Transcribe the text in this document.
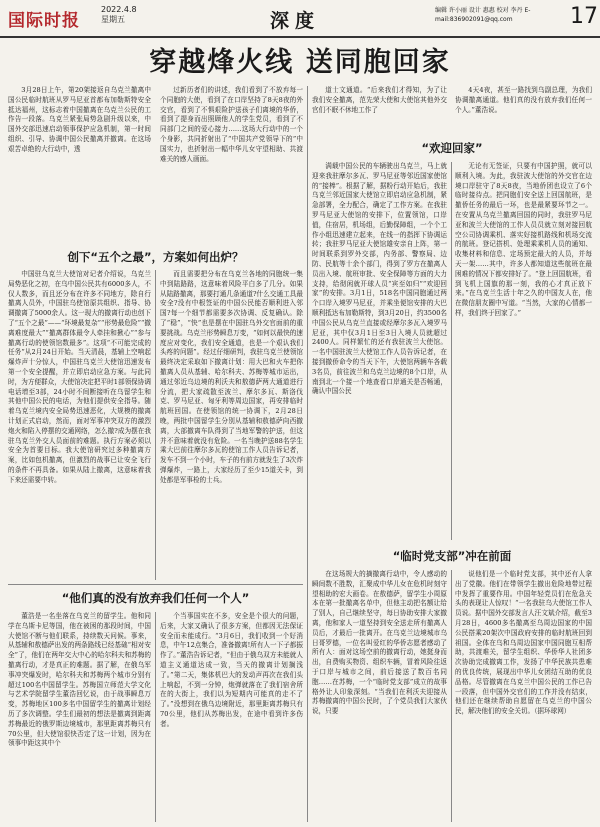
国际时报
2022.4.8
星期五	深度	编辑 许小丽 设计 惠惠 校对 李丹 E-mail:836902091@qq.com	17
穿越烽火线 送同胞回家

3月28日上午，第20架接返自乌克兰撤离中国公民临时航班从罗马尼亚首都布加勒斯特安全抵达福州，这标志着中国撤离在乌克兰公民的工作告一段落。乌克兰紧张局势急剧升级以来，中国外交部迅速启动领事保护应急机制，第一时间组织、引导、协调中国公民撤离并撤离。在这场艰苦卓绝的大行动中，透

过新历者们的讲述，我们看到了不放弃每一个同胞的大使，看到了在口岸坚持了8天8夜的外交官，看到了不惧艰险护送孩子们离境的华侨，看到了提身而出照顾他人的学生党员，看到了不同部门之间的爱心接力……这场大行动中的一个个身影，共同折射出了“中国共产党领导下的”中国实力，也折射出一幅中华儿女守望相助、共渡难关的感人画面。

道士文通道。“后来我们才得知，为了让我们安全撤离，范先荣大使和大使馆其他外交官们不眠不休地工作了

4天4夜，甚至一路找到乌副总理，为我们协调撤离通道。他们真的没有放弃我们任何一个人。”董浩说。

创下“五个之最”，方案如何出炉？

中国驻乌克兰大使馆对记者介绍说，乌克兰局势恶化之初，在乌中国公民共有6000多人，不仅人数多，而且还分布在许多不同地方，除自行撤离人员外，中国驻乌使馆原共组织、指导、协调撤离了5000余人。这一现大的撤离行动也创下了“五个之最”——“环境最复杂”“形势最危险”“撤离难度最大”“撤离群体最令人牵挂和揪心”“参与撤离行动的使领馆数最多”。这项“不可能完成的任务”从2月24日开始。当天清晨，基辅上空响起爆炸声十分惊人，中国驻乌克兰大使馆迅速发布第一个安全提醒，并立即启动应急方案。与此同时，为方便群众，大使馆决定把平时1部领保协调电话增至3部，24小时不间断接听在乌留学生和其他中国公民的电话，为他们提供安全指导。随着乌克兰境内安全局势迅速恶化，大规模的撤离计划正式启动，然而，面对军事冲突双方的激烈炮火和陷入停摆的交通网络，怎么撤?成为摆在我驻乌克兰外交人员面前的难题。执行方案必须以安全为首要目标。我大使馆研究过多种撤离方案，比如包机撤离，但激烈的战事已让安全飞行的条件不再具备。如果从陆上撤离，这意味着我下来还需要中转。

而且需要把分布在乌克兰各地的同胞统一集中到陆路路，这意味着风险平白多了几分。如果从陆路撤离，那要打通几条通道?什么交通工具最安全?没有中根签证的中国公民能否顺利进入邻国?每一个细节都需要多次协调、反复确认。除了“稳”，“快”也是摆在中国驻乌外交官面前的重要挑战。乌克兰形势瞬息万变，“如何以最快的速度应对变化，我们安全通道，也是一个艰认我们头疼的问题”。经过仔细研判，我驻乌克兰使领馆最终决定采取如下撤离计划：用大巴和火车把你撤离人员从基辅、哈尔科夫、苏梅等城市运出，通过邻近乌边境的利沃夫和敖德萨两大通道进行分流，把大家疏散至波兰、摩尔多瓦、斯洛伐克、罗马尼亚、匈牙利等周边国家，再安排临时航班回国。在使领馆的统一协调下，2月28日晚，两批中国留学生分别从基辅和敖德萨向西撤离，大部撤离车队得到了当地军警的护送，但这并不意味着就没有危险。一名当晚护送88名学生乘大巴前往摩尔多瓦的使馆工作人员告诉记者，发车不到一个小时，车子的有前方就发生了3次炸弹爆炸，一路上，大家经历了至少15道关卡，到处都是军事检的士兵。

“欢迎回家”

满载中国公民的车辆驶出乌克兰，马上就迎来我驻摩尔多瓦、罗马尼亚等邻近国家使馆的“接棒”。根据了解，据粉行动开始后，我驻乌克兰邻近国家大使馆立即启动应急机制，紧急部署，全力配合，确定了工作方案。在我驻罗马尼亚大使馆的安排下，位置领馆，口岸值，住宿居，机场组，后勤保障组，一个个工作小组迅速建立起来，在线一的指挥下协调运转；我驻罗马尼亚大使馆雄安亲自上阵，第一时间联系到罗外交部，内务部、警察局、边防、民航等十余个部门，得到了罗方在撤离人员出入境、航班审批、安全保障等方面的大力支持，给彻闲就开球人员“宾至如归”“欢迎回家”的安排。3月1日，518名中国同胞通过两个口岸入境罗马尼亚，并乘坐便馆安排的大巴顺利抵达布加勒斯特，到3月20日，约3500名中国公民从乌克兰直接或经摩尔多瓦入境罗马尼亚，其中仅3月1日至3日入境人员就超过2400人。同样繁忙的还有我驻波兰大使馆。一名中国驻波兰大使馆工作人员告诉记者，在接到撤侨命令的当天下午，大使馆两辆车各载3名员，前往波兰和乌克兰边境的8个口岸，从南到北一个接一个地查看口岸通关是否畅通，确认中国公民

无论有无签证，只要有中国护照，就可以顺利入境。为此，我驻波大使馆的外交官在边境口岸驻守了8天8夜，当地侨团也设立了6个临时接待点。把同胞们安全送上回国航班，是撤侨任务的最后一环，也是最紧要环节之一。在安置从乌克兰撤离回国的同时，我驻罗马尼亚和波兰大使馆的工作人员员就立刻对接回航空公司协调乘机、落实好接机路线和机场交流的航班。登记搭机、处理乘乘机人员的通知、收集材料和信息、定场预定最大的人员，并每天一架……其中，许多人都知道这些航班在最困难的情况下都安排好了。“登上回国航班，看到飞机上国旗的那一刻，我的心才真正放下来。”在乌克兰生活十年之久的中国友人在，他在微信朋友圈中写道。“当然，大家的心情都一样，我们终于回家了。”

“他们真的没有放弃我们任何一个人”

董浩是一名坐落在乌克兰的留学生。他和同学在乌斯卡尼等国，他在被困的那段时间，中国大使馆不断与他们联系，持续数天问候。事来，从基辅和敖德萨出发的两条路线已经基础“相对安全”了，他们在两年交大中心的哈尔科夫和苏梅的撤离行动，才是真正的难题。据了解，在俄乌军事冲突爆发时，哈尔科夫和苏梅两个城市分别有超过100名中国留学生。苏梅国立师范大学文化与艺术学院留学生董浩回忆说，由于战事瞬息万变，苏梅地区100多名中国留学生的撤离计划经历了多次调整。学生们最初的想法是撤离到距离苏梅最近的俄罗斯边境城市，那里距离苏梅只有70公里，但大使馆很快否定了这一计划，因为在领事中距这其中个

个当事国实在不多，安全是个很大的问题，后来，大家又确认了很多方案，但都因无法保证安全而未能成行。“3月6日，我们收到一个好消息，中午12点集合，准备撤离!所有人一下子都振作了。”董浩告诉记者，“但由于俄乌双方未能就人道主义通道达成一致，当天的撤离计划搁浅了。”第二天，集体机巴大的发动声再次在我们头上响起，不到一分钟，炮弹就落在了我们宿舍所在的大街上，我们以为短期内可能真的走不了了。”没想到在俄乌边境附近，那里距离苏梅只有70公里，他们从苏梅出发，在途中看到许多伤者。

“临时党支部”冲在前面

在这场规大的摘撤离行动中，令人感动的瞬间数不胜数，汇聚成中华儿女在危机时刻守望相助的宏大画卷。在敖德萨，留学生小周原本在第一批撤离名单中，但他主动把名额让给了别人，自己继续坚守，每日协助安排大家撤离，他和家人一道坚持到安全送走所有撤离人员后，才最后一批离开。在乌克兰边境城市乌日哥罗德，一位名叫爱红的华侨志愿者感动了所有人：面对这场空前的撤离行动，她挺身而出，自费购买物资、组织车辆，冒着风险往返于口岸与城市之间，前后接送了数百名同胞……在苏梅，一个“临时党支部”成立的故事格外让人印象深刻。“当我们在利沃夫迎接从苏梅撤离的中国公民时，了个党员我们大家伙说，只要

说他们是一个临时党支部，其中还有人拿出了党徽。他们在带领学生撤出危险地带过程中发挥了重要作用。中国年轻党员们在危急关头的表现让人惊叹！“一名我驻乌大使馆工作人员说。据中国外交部发言人汪文斌介绍，截至3月28日，4600多名撤离至乌周边国家的中国公民搭乘20架次中国政府安排的临时航班回到祖国。全体在乌和乌周边国家中国同胞互相帮助，共渡难关，留学生组织、华侨华人社团多次协助完成撤离工作，发扬了中华民族共患难的优良传统，展现出中华儿女团结互助的优良品格。尽管撤离在乌克兰中国公民的工作已告一段落，但中国外交官们的工作并没有结束，他们还在继续帮助自愿留在乌克兰的中国公民，解决他们的安全关切。（据环球网）
